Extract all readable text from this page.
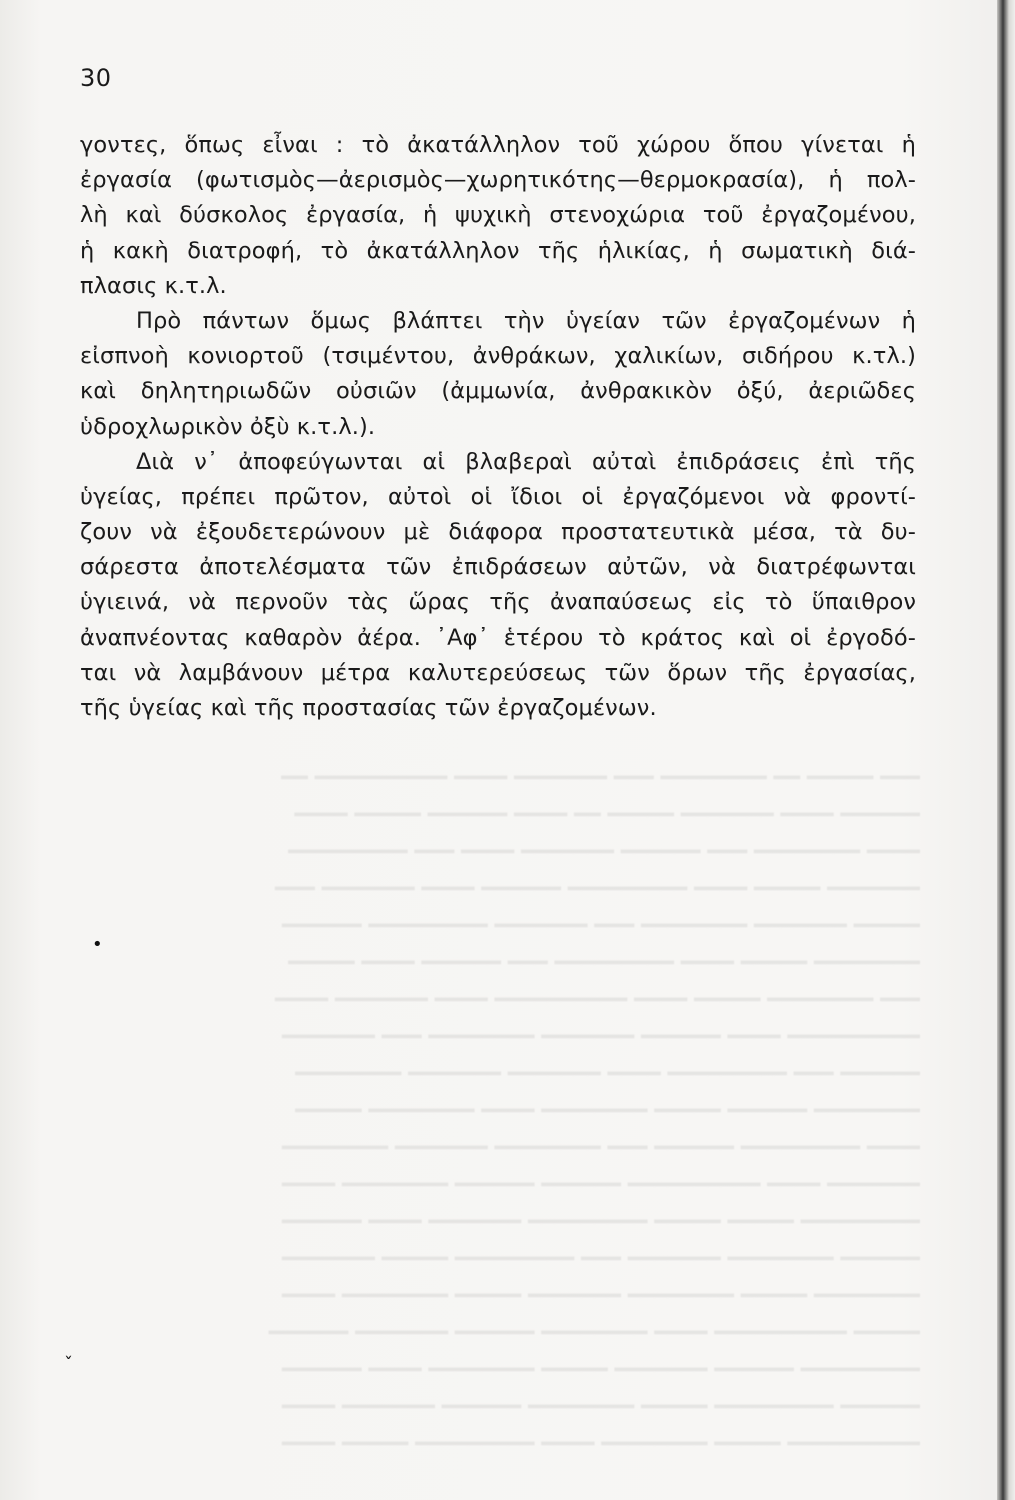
━━━ ━━━━━ ━━ ━━━━━━━━ ━━━ ━━━━━━━ ━━━━ ━━━━━━━━━━ ━━
━━━━━━ ━━━━ ━━━━━━━ ━━━━━ ━━ ━━━━ ━━━━━━ ━━━━━ ━━━━
━━━━ ━━━━━━━━ ━━━ ━━━━━━ ━━━━━━━ ━━━━ ━━━ ━━━━━━━━━
━━━━━━━ ━━━━━ ━━━━ ━━━━━━━━━ ━━━━━━ ━━━━ ━━━━━━━ ━━━
━━━━━ ━━━━━━━ ━━━━━━━━ ━━━ ━━━━━━━ ━━━━━━━━━ ━━━━━━
━━━━━━━━ ━━━━━ ━━━━ ━━━━━━━━━ ━━━ ━━━━━━ ━━━━ ━━━━━
━━━ ━━━━━━━━ ━━━━━ ━━━━ ━━━━━━━━━━ ━━━━ ━━━━━━━ ━━━━
━━━━━━━━━━ ━━━━ ━━━━━━ ━━━━━━━ ━━━━━━━━ ━━━ ━━━━━━━
━━━━━━ ━━━ ━━━━━━━━━ ━━━━ ━━━━━━━ ━━━━━━━ ━━━━━━━━
━━━━━━━━ ━━━━━━ ━━━━━ ━━━━━━━━ ━━━━ ━━━━━━━━ ━━━━━
━━━━ ━━━━━━━━━ ━━━━━━ ━━━ ━━━━━━━━ ━━━━━━━ ━━━━━━━━
━━━━━━━ ━━━━ ━━━━━━━━━━ ━━━━━━ ━━━━━━ ━━━━━━━━ ━━━━
━━━━━━━━━ ━━━━━ ━━━━━ ━━━━━━━━━ ━━━━━━━ ━━━━ ━━━━━━
━━━━━━ ━━━━━━━━ ━━━━━━━ ━━━ ━━━━━━━━━ ━━━━━ ━━━━━━━
━━━━━━━━ ━━━━━ ━━━━━━━━ ━━━━━━━ ━━━━━ ━━━━━━━━ ━━━━
━━━━━ ━━━━━━━━━━ ━━━━ ━━━━━━━━ ━━━━━━ ━━━━━━━ ━━━━━━
━━━━━━━━━ ━━━━━━ ━━━━━━━ ━━━━━ ━━━━━━━━ ━━━━ ━━━━━━
━━━━━━ ━━━━━━━━━ ━━━━━ ━━━━━━━━ ━━━━━━ ━━━━━━━ ━━━━
━━━━━━━━━━ ━━━━━ ━━━━━━━━ ━━━━ ━━━━━━━━━ ━━━━━ ━━━━
30
γοντες, ὅπως εἶναι : τὸ ἀκατάλληλον τοῦ χώρου ὅπου γίνεται ἡ
ἐργασία (φωτισμὸς—ἀερισμὸς—χωρητικότης—θερμοκρασία), ἡ πολ-
λὴ καὶ δύσκολος ἐργασία, ἡ ψυχικὴ στενοχώρια τοῦ ἐργαζομένου,
ἡ κακὴ διατροφή, τὸ ἀκατάλληλον τῆς ἡλικίας, ἡ σωματικὴ διά-
πλασις κ.τ.λ.
Πρὸ πάντων ὅμως βλάπτει τὴν ὑγείαν τῶν ἐργαζομένων ἡ
εἰσπνοὴ κονιορτοῦ (τσιμέντου, ἀνθράκων, χαλικίων, σιδήρου κ.τλ.)
καὶ δηλητηριωδῶν οὐσιῶν (ἀμμωνία, ἀνθρακικὸν ὀξύ, ἀεριῶδες
ὑδροχλωρικὸν ὀξὺ κ.τ.λ.).
Διὰ ν᾿ ἀποφεύγωνται αἱ βλαβεραὶ αὐταὶ ἐπιδράσεις ἐπὶ τῆς
ὑγείας, πρέπει πρῶτον, αὐτοὶ οἱ ἴδιοι οἱ ἐργαζόμενοι νὰ φροντί-
ζουν νὰ ἐξουδετερώνουν μὲ διάφορα προστατευτικὰ μέσα, τὰ δυ-
σάρεστα ἀποτελέσματα τῶν ἐπιδράσεων αὐτῶν, νὰ διατρέφωνται
ὑγιεινά, νὰ περνοῦν τὰς ὥρας τῆς ἀναπαύσεως εἰς τὸ ὕπαιθρον
ἀναπνέοντας καθαρὸν ἀέρα. ᾿Αφ᾿ ἑτέρου τὸ κράτος καὶ οἱ ἐργοδό-
ται νὰ λαμβάνουν μέτρα καλυτερεύσεως τῶν ὅρων τῆς ἐργασίας,
τῆς ὑγείας καὶ τῆς προστασίας τῶν ἐργαζομένων.
•
ˇ
